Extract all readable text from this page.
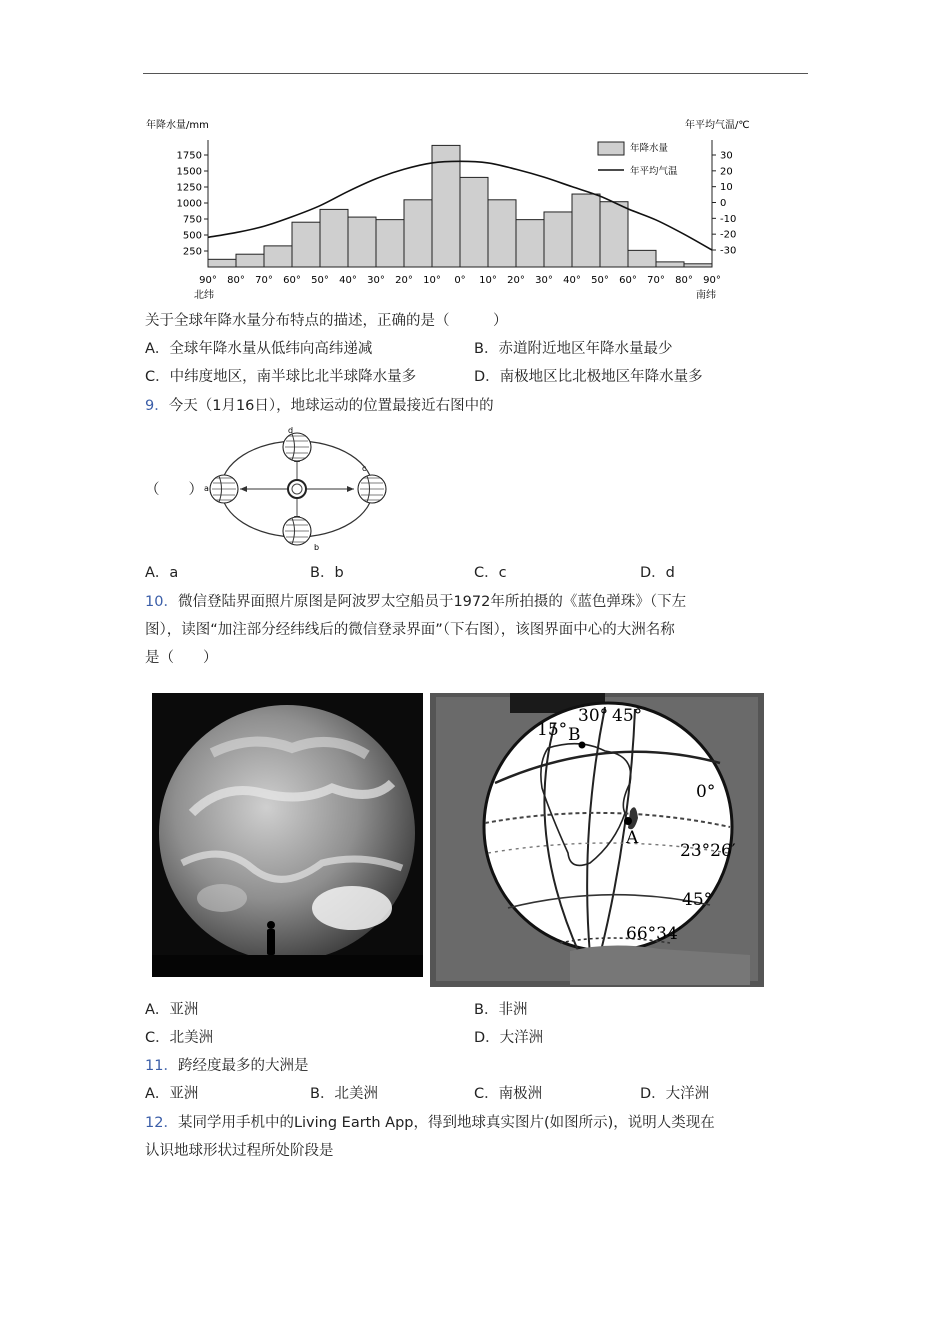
1750
1500
1250
1000
750
500
250
30
20
10
0
-10
-20
-30
90° 80° 70° 60° 50° 40° 30° 20° 10° 0° 10° 20° 30° 40° 50° 60° 70° 80° 90°
年降水量/mm	年平均气温/℃
年降水量
年平均气温
北纬	南纬
关于全球年降水量分布特点的描述，正确的是（　　　）
A．全球年降水量从低纬向高纬递减	B．赤道附近地区年降水量最少
C．中纬度地区，南半球比北半球降水量多	D．南极地区比北极地区年降水量多
9．今天（1月16日），地球运动的位置最接近右图中的
（　　）
d
a
c
b
A．a	B．b	C．c	D．d
10．微信登陆界面照片原图是阿波罗太空船员于1972年所拍摄的《蓝色弹珠》（下左
图），读图“加注部分经纬线后的微信登录界面”（下右图），该图界面中心的大洲名称
是（　　）
15° B
30° 45°
0°
A
23°26′
45°
66°34′
A．亚洲	B．非洲
C．北美洲	D．大洋洲
11．跨经度最多的大洲是
A．亚洲	B．北美洲	C．南极洲	D．大洋洲
12．某同学用手机中的Living Earth App，得到地球真实图片(如图所示)，说明人类现在
认识地球形状过程所处阶段是
